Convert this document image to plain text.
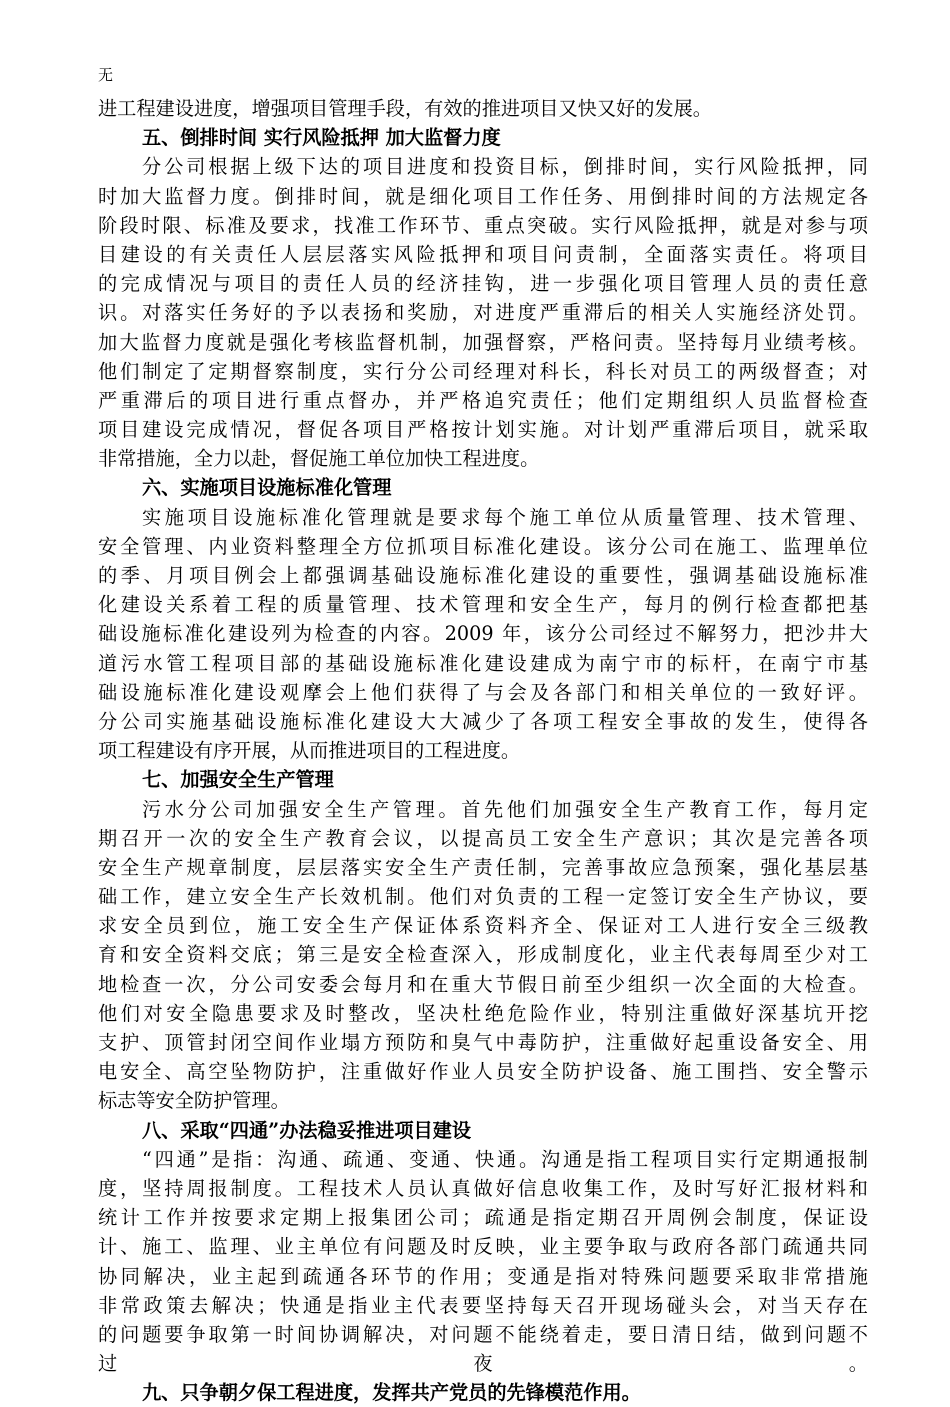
无
进工程建设进度，增强项目管理手段，有效的推进项目又快又好的发展。
五、倒排时间 实行风险抵押 加大监督力度
分公司根据上级下达的项目进度和投资目标，倒排时间，实行风险抵押，同
时加大监督力度。倒排时间，就是细化项目工作任务、用倒排时间的方法规定各
阶段时限、标准及要求，找准工作环节、重点突破。实行风险抵押，就是对参与项
目建设的有关责任人层层落实风险抵押和项目问责制，全面落实责任。将项目
的完成情况与项目的责任人员的经济挂钩，进一步强化项目管理人员的责任意
识。对落实任务好的予以表扬和奖励，对进度严重滞后的相关人实施经济处罚。
加大监督力度就是强化考核监督机制，加强督察，严格问责。坚持每月业绩考核。
他们制定了定期督察制度，实行分公司经理对科长，科长对员工的两级督查；对
严重滞后的项目进行重点督办，并严格追究责任；他们定期组织人员监督检查
项目建设完成情况，督促各项目严格按计划实施。对计划严重滞后项目，就采取
非常措施，全力以赴，督促施工单位加快工程进度。
六、实施项目设施标准化管理
实施项目设施标准化管理就是要求每个施工单位从质量管理、技术管理、
安全管理、内业资料整理全方位抓项目标准化建设。该分公司在施工、监理单位
的季、月项目例会上都强调基础设施标准化建设的重要性，强调基础设施标准
化建设关系着工程的质量管理、技术管理和安全生产，每月的例行检查都把基
础设施标准化建设列为检查的内容。2009 年，该分公司经过不解努力，把沙井大
道污水管工程项目部的基础设施标准化建设建成为南宁市的标杆，在南宁市基
础设施标准化建设观摩会上他们获得了与会及各部门和相关单位的一致好评。
分公司实施基础设施标准化建设大大减少了各项工程安全事故的发生，使得各
项工程建设有序开展，从而推进项目的工程进度。
七、加强安全生产管理
污水分公司加强安全生产管理。首先他们加强安全生产教育工作，每月定
期召开一次的安全生产教育会议，以提高员工安全生产意识；其次是完善各项
安全生产规章制度，层层落实安全生产责任制，完善事故应急预案，强化基层基
础工作，建立安全生产长效机制。他们对负责的工程一定签订安全生产协议，要
求安全员到位，施工安全生产保证体系资料齐全、保证对工人进行安全三级教
育和安全资料交底；第三是安全检查深入，形成制度化，业主代表每周至少对工
地检查一次，分公司安委会每月和在重大节假日前至少组织一次全面的大检查。
他们对安全隐患要求及时整改，坚决杜绝危险作业，特别注重做好深基坑开挖
支护、顶管封闭空间作业塌方预防和臭气中毒防护，注重做好起重设备安全、用
电安全、高空坠物防护，注重做好作业人员安全防护设备、施工围挡、安全警示
标志等安全防护管理。
八、采取“四通”办法稳妥推进项目建设
“四通”是指：沟通、疏通、变通、快通。沟通是指工程项目实行定期通报制
度，坚持周报制度。工程技术人员认真做好信息收集工作，及时写好汇报材料和
统计工作并按要求定期上报集团公司；疏通是指定期召开周例会制度，保证设
计、施工、监理、业主单位有问题及时反映，业主要争取与政府各部门疏通共同
协同解决，业主起到疏通各环节的作用；变通是指对特殊问题要采取非常措施
非常政策去解决；快通是指业主代表要坚持每天召开现场碰头会，对当天存在
的问题要争取第一时间协调解决，对问题不能绕着走，要日清日结，做到问题不
过夜。
九、只争朝夕保工程进度，发挥共产党员的先锋模范作用。
